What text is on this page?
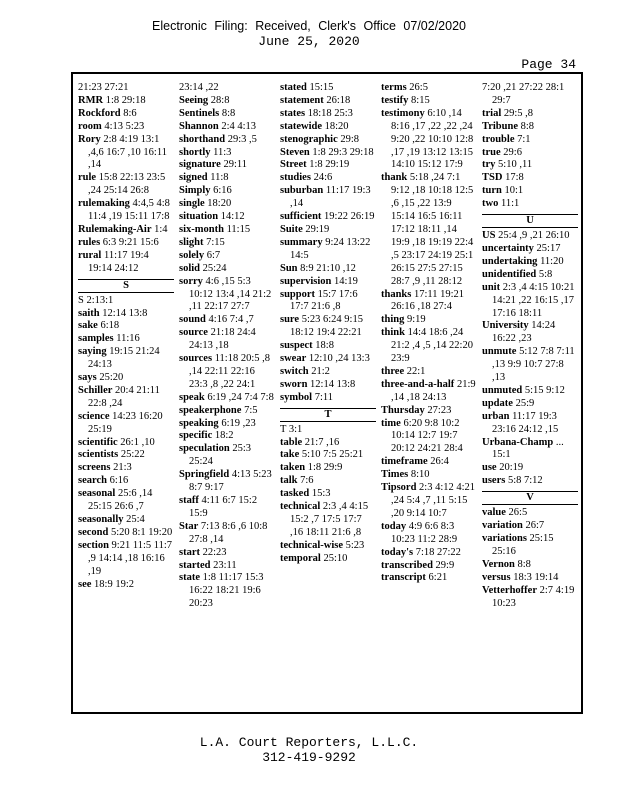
Electronic Filing: Received, Clerk's Office 07/02/2020
June 25, 2020
Page 34
21:23 27:21
RMR 1:8 29:18
Rockford 8:6
room 4:13 5:23
Rory 2:8 4:19 13:1 ,4,6 16:7 ,10 16:11 ,14
rule 15:8 22:13 23:5 ,24 25:14 26:8
rulemaking 4:4,5 4:8 11:4 ,19 15:11 17:8
Rulemaking-Air 1:4
rules 6:3 9:21 15:6
rural 11:17 19:4 19:14 24:12
S
S 2:13:1
saith 12:14 13:8
sake 6:18
samples 11:16
saying 19:15 21:24 24:13
says 25:20
Schiller 20:4 21:11 22:8 ,24
science 14:23 16:20 25:19
scientific 26:1 ,10
scientists 25:22
screens 21:3
search 6:16
seasonal 25:6 ,14 25:15 26:6 ,7
seasonally 25:4
second 5:20 8:1 19:20
section 9:21 11:5 11:7 ,9 14:14 ,18 16:16 ,19
see 18:9 19:2
23:14 ,22
Seeing 28:8
Sentinels 8:8
Shannon 2:4 4:13
shorthand 29:3 ,5
shortly 11:3
signature 29:11
signed 11:8
Simply 6:16
single 18:20
situation 14:12
six-month 11:15
slight 7:15
solely 6:7
solid 25:24
sorry 4:6 ,15 5:3 10:12 13:4 ,14 21:2 ,11 22:17 27:7
sound 4:16 7:4 ,7
source 21:18 24:4 24:13 ,18
sources 11:18 20:5 ,8 ,14 22:11 22:16 23:3 ,8 ,22 24:1
speak 6:19 ,24 7:4 7:8
speakerphone 7:5
speaking 6:19 ,23
specific 18:2
speculation 25:3 25:24
Springfield 4:13 5:23 8:7 9:17
staff 4:11 6:7 15:2 15:9
Star 7:13 8:6 ,6 10:8 27:8 ,14
start 22:23
started 23:11
state 1:8 11:17 15:3 16:22 18:21 19:6 20:23
stated 15:15
statement 26:18
states 18:18 25:3
statewide 18:20
stenographic 29:8
Steven 1:8 29:3 29:18
Street 1:8 29:19
studies 24:6
suburban 11:17 19:3 ,14
sufficient 19:22 26:19
Suite 29:19
summary 9:24 13:22 14:5
Sun 8:9 21:10 ,12
supervision 14:19
support 15:7 17:6 17:7 21:6 ,8
sure 5:23 6:24 9:15 18:12 19:4 22:21
suspect 18:8
swear 12:10 ,24 13:3
switch 21:2
sworn 12:14 13:8
symbol 7:11
T
T 3:1
table 21:7 ,16
take 5:10 7:5 25:21
taken 1:8 29:9
talk 7:6
tasked 15:3
technical 2:3 ,4 4:15 15:2 ,7 17:5 17:7 ,16 18:11 21:6 ,8
technical-wise 5:23
temporal 25:10
terms 26:5
testify 8:15
testimony 6:10 ,14 8:16 ,17 ,22 ,22 ,24 9:20 ,22 10:10 12:8 ,17 ,19 13:12 13:15 14:10 15:12 17:9
thank 5:18 ,24 7:1 9:12 ,18 10:18 12:5 ,6 ,15 ,22 13:9 15:14 16:5 16:11 17:12 18:11 ,14 19:9 ,18 19:19 22:4 ,5 23:17 24:19 25:1 26:15 27:5 27:15 28:7 ,9 ,11 28:12
thanks 17:11 19:21 26:16 ,18 27:4
thing 9:19
think 14:4 18:6 ,24 21:2 ,4 ,5 ,14 22:20 23:9
three 22:1
three-and-a-half 21:9 ,14 ,18 24:13
Thursday 27:23
time 6:20 9:8 10:2 10:14 12:7 19:7 20:12 24:21 28:4
timeframe 26:4
Times 8:10
Tipsord 2:3 4:12 4:21 ,24 5:4 ,7 ,11 5:15 ,20 9:14 10:7
today 4:9 6:6 8:3 10:23 11:2 28:9
today's 7:18 27:22
transcribed 29:9
transcript 6:21
7:20 ,21 27:22 28:1 29:7
trial 29:5 ,8
Tribune 8:8
trouble 7:1
true 29:6
try 5:10 ,11
TSD 17:8
turn 10:1
two 11:1
U
US 25:4 ,9 ,21 26:10
uncertainty 25:17
undertaking 11:20
unidentified 5:8
unit 2:3 ,4 4:15 10:21 14:21 ,22 16:15 ,17 17:16 18:11
University 14:24 16:22 ,23
unmute 5:12 7:8 7:11 ,13 9:9 10:7 27:8 ,13
unmuted 5:15 9:12
update 25:9
urban 11:17 19:3 23:16 24:12 ,15
Urbana-Champ ... 15:1
use 20:19
users 5:8 7:12
V
value 26:5
variation 26:7
variations 25:15 25:16
Vernon 8:8
versus 18:3 19:14
Vetterhoffer 2:7 4:19 10:23
L.A. Court Reporters, L.L.C.
312-419-9292
